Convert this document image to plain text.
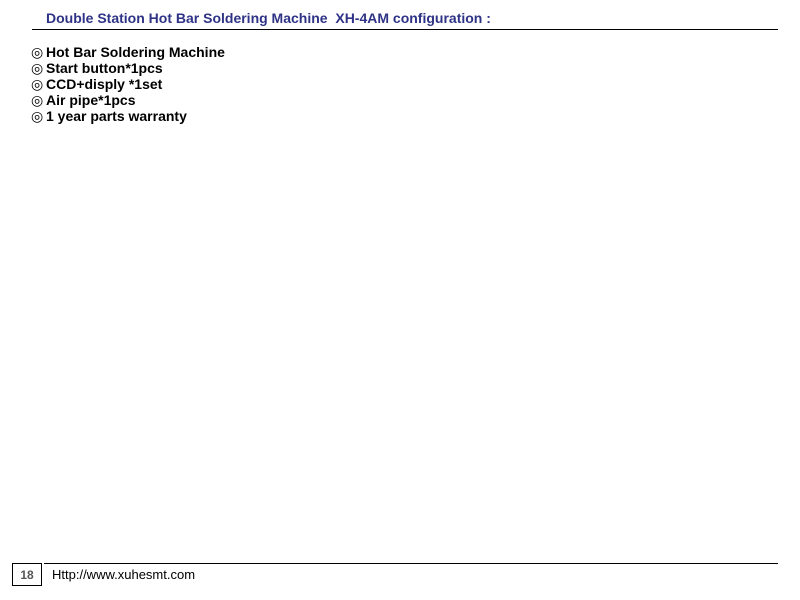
Double Station Hot Bar Soldering Machine  XH-4AM configuration :
◎ Hot Bar Soldering Machine
◎ Start button*1pcs
◎ CCD+disply *1set
◎ Air pipe*1pcs
◎ 1 year parts warranty
18	Http://www.xuhesmt.com
